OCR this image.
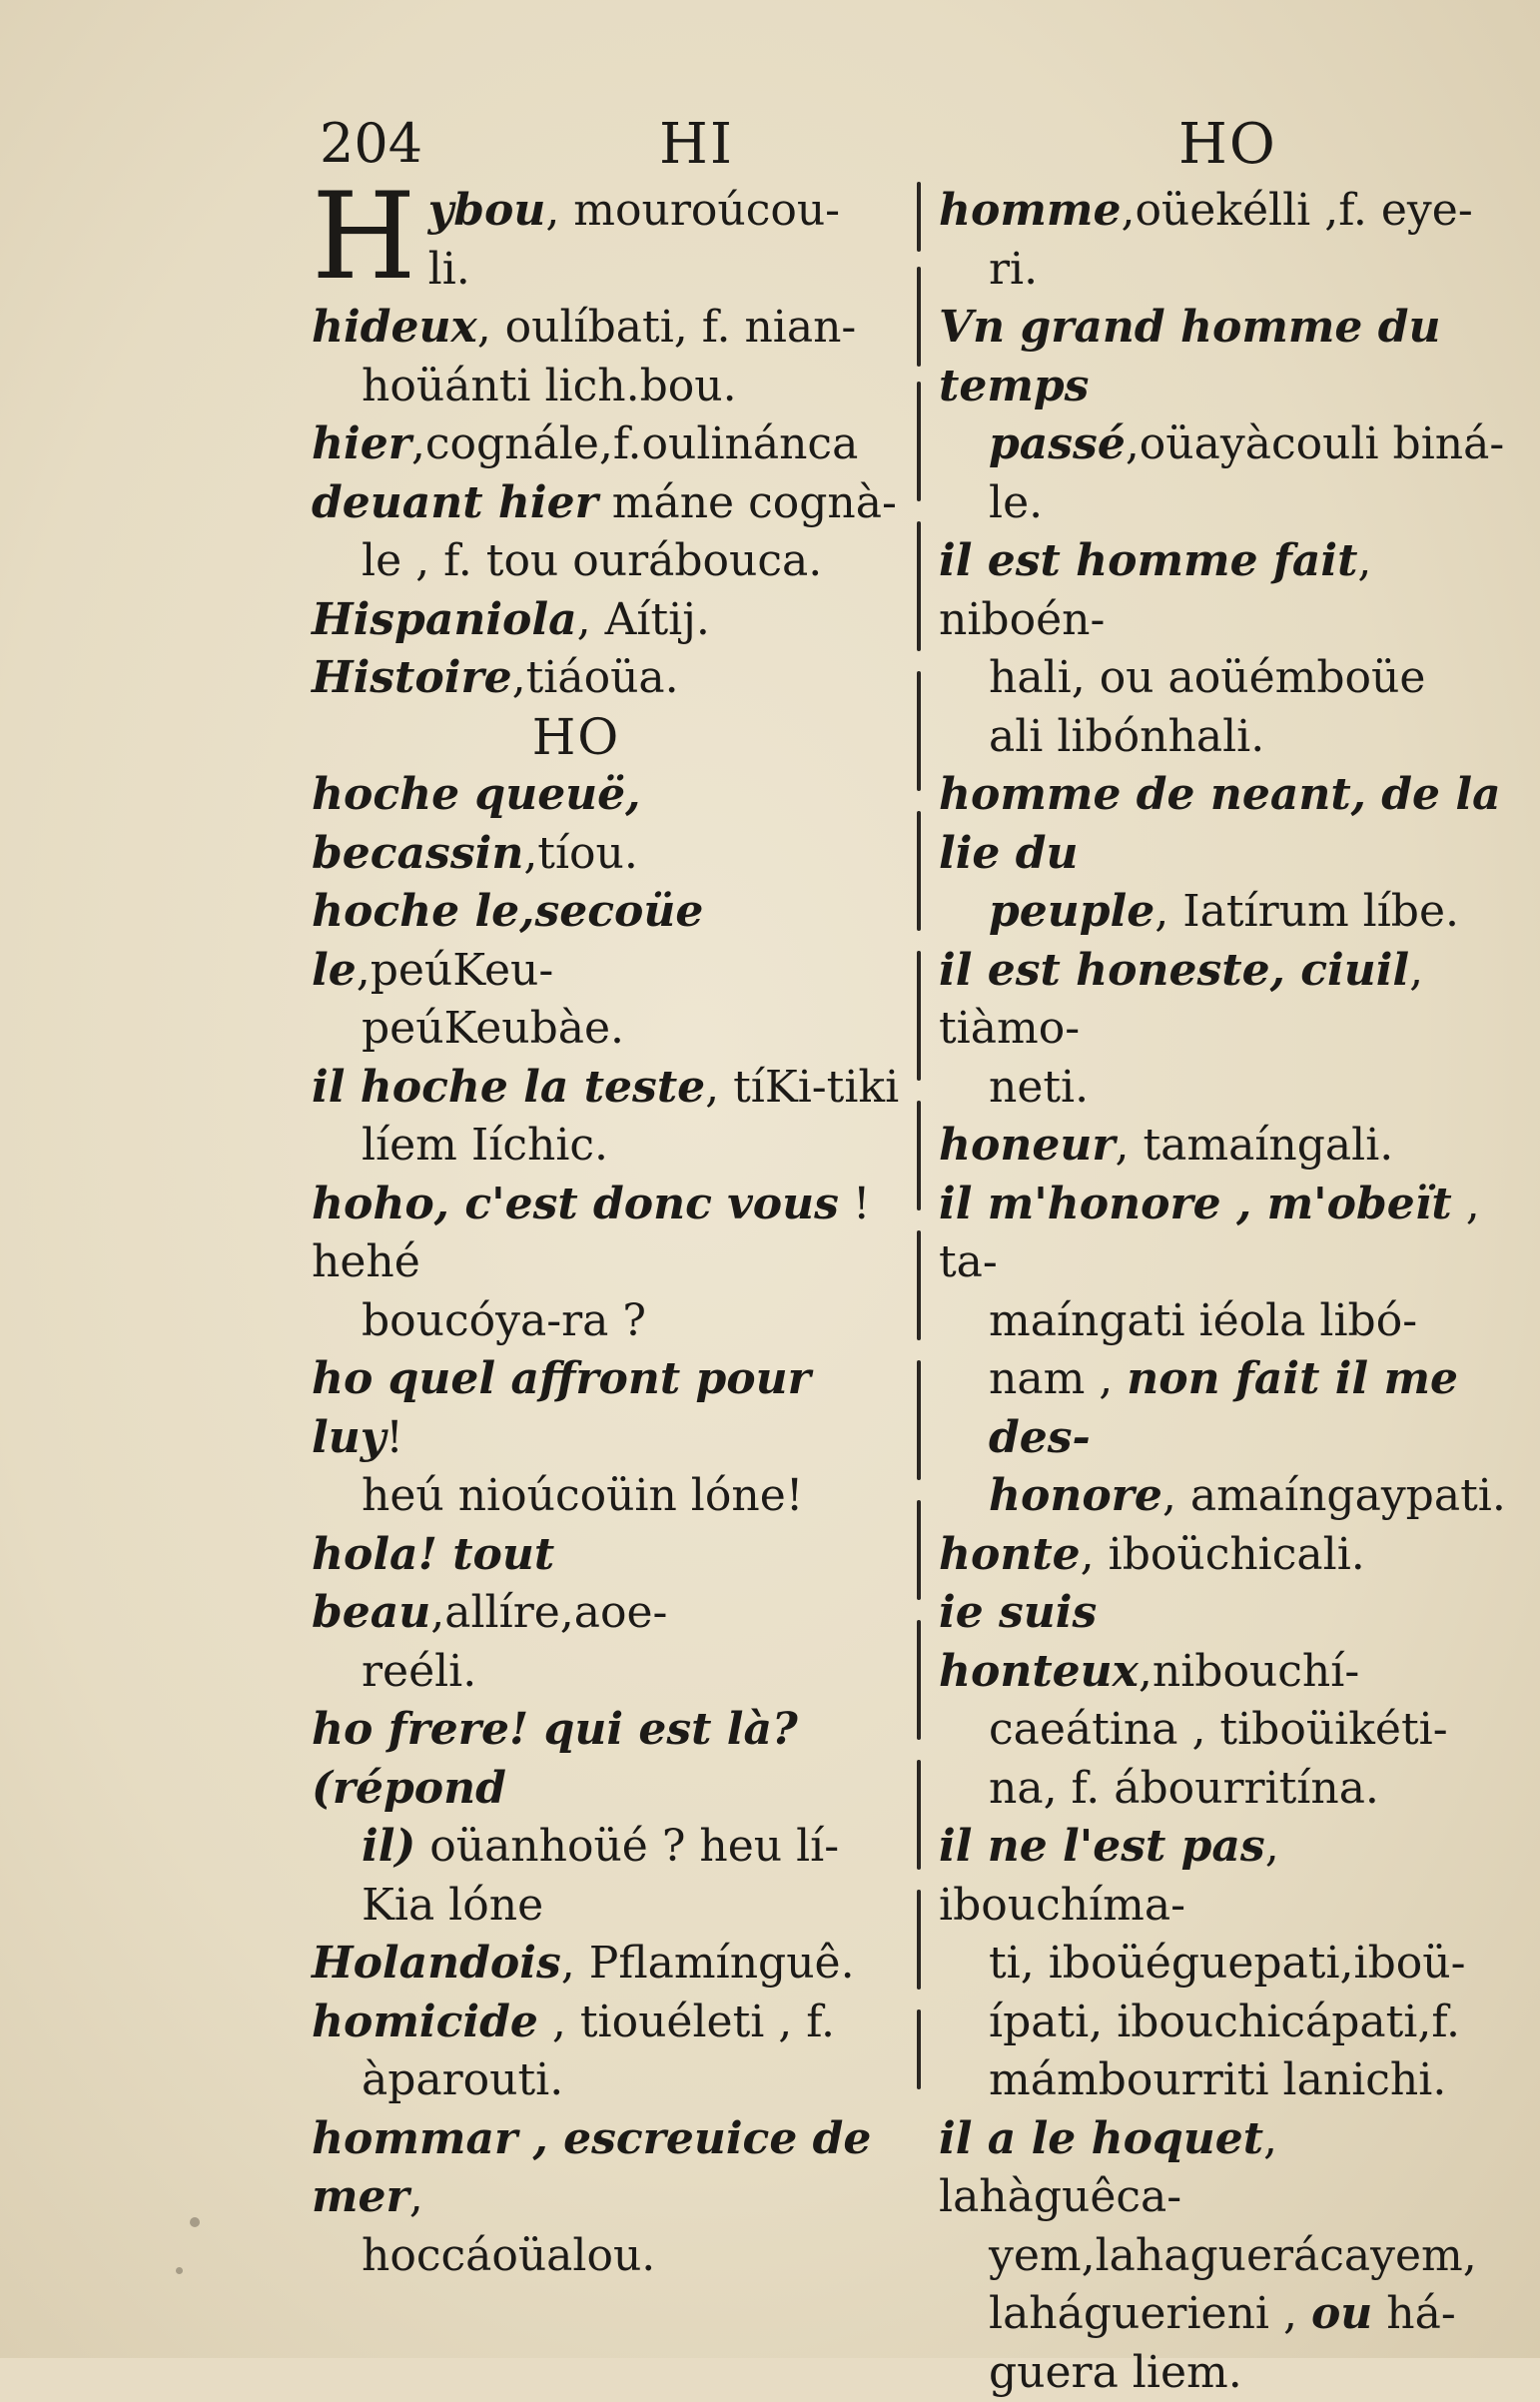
204	HI	HO
H ybou, mouroúcou-
li.
hideux, oulíbati, f. nian-
hoüánti lich.bou.
hier,cognále,f.oulinánca
deuant hier máne cognà-
le , f. tou ourábouca.
Hispaniola, Aítij.
Histoire,tiáoüa.
HO
hoche queuë, becassin,tíou.
hoche le,secoüe le,peúKeu-
peúKeubàe.
il hoche la teste, tíKi-tiki
líem Iíchic.
hoho, c'est donc vous ! hehé
boucóya-ra ?
ho quel affront pour luy!
heú nioúcoüin lóne!
hola! tout beau,allíre,aoe-
reéli.
ho frere! qui est là? (répond
il) oüanhoüé ? heu lí-
Kia lóne
Holandois, Pflamínguê.
homicide , tiouéleti , f.
àparouti.
hommar , escreuice de mer,
hoccáoüalou.
homme,oüekélli ,f. eye-
ri.
Vn grand homme du temps
passé,oüayàcouli biná-
le.
il est homme fait, niboén-
hali, ou aoüémboüe
ali libónhali.
homme de neant, de la lie du
peuple, Iatírum líbe.
il est honeste, ciuil, tiàmo-
neti.
honeur, tamaíngali.
il m'honore , m'obeït , ta-
maíngati iéola libó-
nam , non fait il me des-
honore, amaíngaypati.
honte, iboüchicali.
ie suis honteux,nibouchí-
caeátina , tiboüikéti-
na, f. ábourritína.
il ne l'est pas, ibouchíma-
ti, iboüéguepati,iboü-
ípati, ibouchicápati,f.
mámbourriti lanichi.
il a le hoquet, lahàguêca-
yem,lahaguerácayem,
laháguerieni , ou há-
guera liem.
